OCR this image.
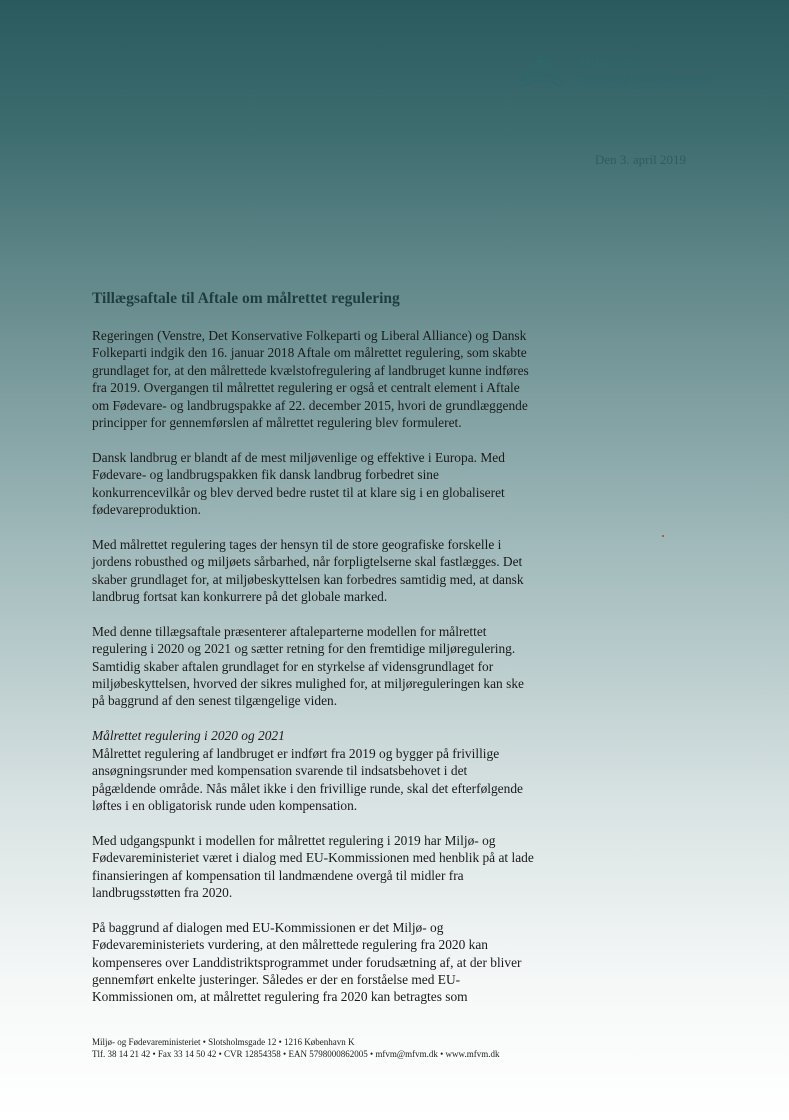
Miljø- og
fødevareministeren
Den 3. april 2019
Tillægsaftale til Aftale om målrettet regulering
Regeringen (Venstre, Det Konservative Folkeparti og Liberal Alliance) og Dansk
Folkeparti indgik den 16. januar 2018 Aftale om målrettet regulering, som skabte
grundlaget for, at den målrettede kvælstofregulering af landbruget kunne indføres
fra 2019. Overgangen til målrettet regulering er også et centralt element i Aftale
om Fødevare- og landbrugspakke af 22. december 2015, hvori de grundlæggende
principper for gennemførslen af målrettet regulering blev formuleret.
Dansk landbrug er blandt af de mest miljøvenlige og effektive i Europa. Med
Fødevare- og landbrugspakken fik dansk landbrug forbedret sine
konkurrencevilkår og blev derved bedre rustet til at klare sig i en globaliseret
fødevareproduktion.
Med målrettet regulering tages der hensyn til de store geografiske forskelle i
jordens robusthed og miljøets sårbarhed, når forpligtelserne skal fastlægges. Det
skaber grundlaget for, at miljøbeskyttelsen kan forbedres samtidig med, at dansk
landbrug fortsat kan konkurrere på det globale marked.
Med denne tillægsaftale præsenterer aftaleparterne modellen for målrettet
regulering i 2020 og 2021 og sætter retning for den fremtidige miljøregulering.
Samtidig skaber aftalen grundlaget for en styrkelse af vidensgrundlaget for
miljøbeskyttelsen, hvorved der sikres mulighed for, at miljøreguleringen kan ske
på baggrund af den senest tilgængelige viden.
Målrettet regulering i 2020 og 2021
Målrettet regulering af landbruget er indført fra 2019 og bygger på frivillige
ansøgningsrunder med kompensation svarende til indsatsbehovet i det
pågældende område. Nås målet ikke i den frivillige runde, skal det efterfølgende
løftes i en obligatorisk runde uden kompensation.
Med udgangspunkt i modellen for målrettet regulering i 2019 har Miljø- og
Fødevareministeriet været i dialog med EU-Kommissionen med henblik på at lade
finansieringen af kompensation til landmændene overgå til midler fra
landbrugsstøtten fra 2020.
På baggrund af dialogen med EU-Kommissionen er det Miljø- og
Fødevareministeriets vurdering, at den målrettede regulering fra 2020 kan
kompenseres over Landdistriktsprogrammet under forudsætning af, at der bliver
gennemført enkelte justeringer. Således er der en forståelse med EU-
Kommissionen om, at målrettet regulering fra 2020 kan betragtes som
Miljø- og Fødevareministeriet • Slotsholmsgade 12 • 1216 København K
Tlf. 38 14 21 42 • Fax 33 14 50 42 • CVR 12854358 • EAN 5798000862005 • mfvm@mfvm.dk • www.mfvm.dk
